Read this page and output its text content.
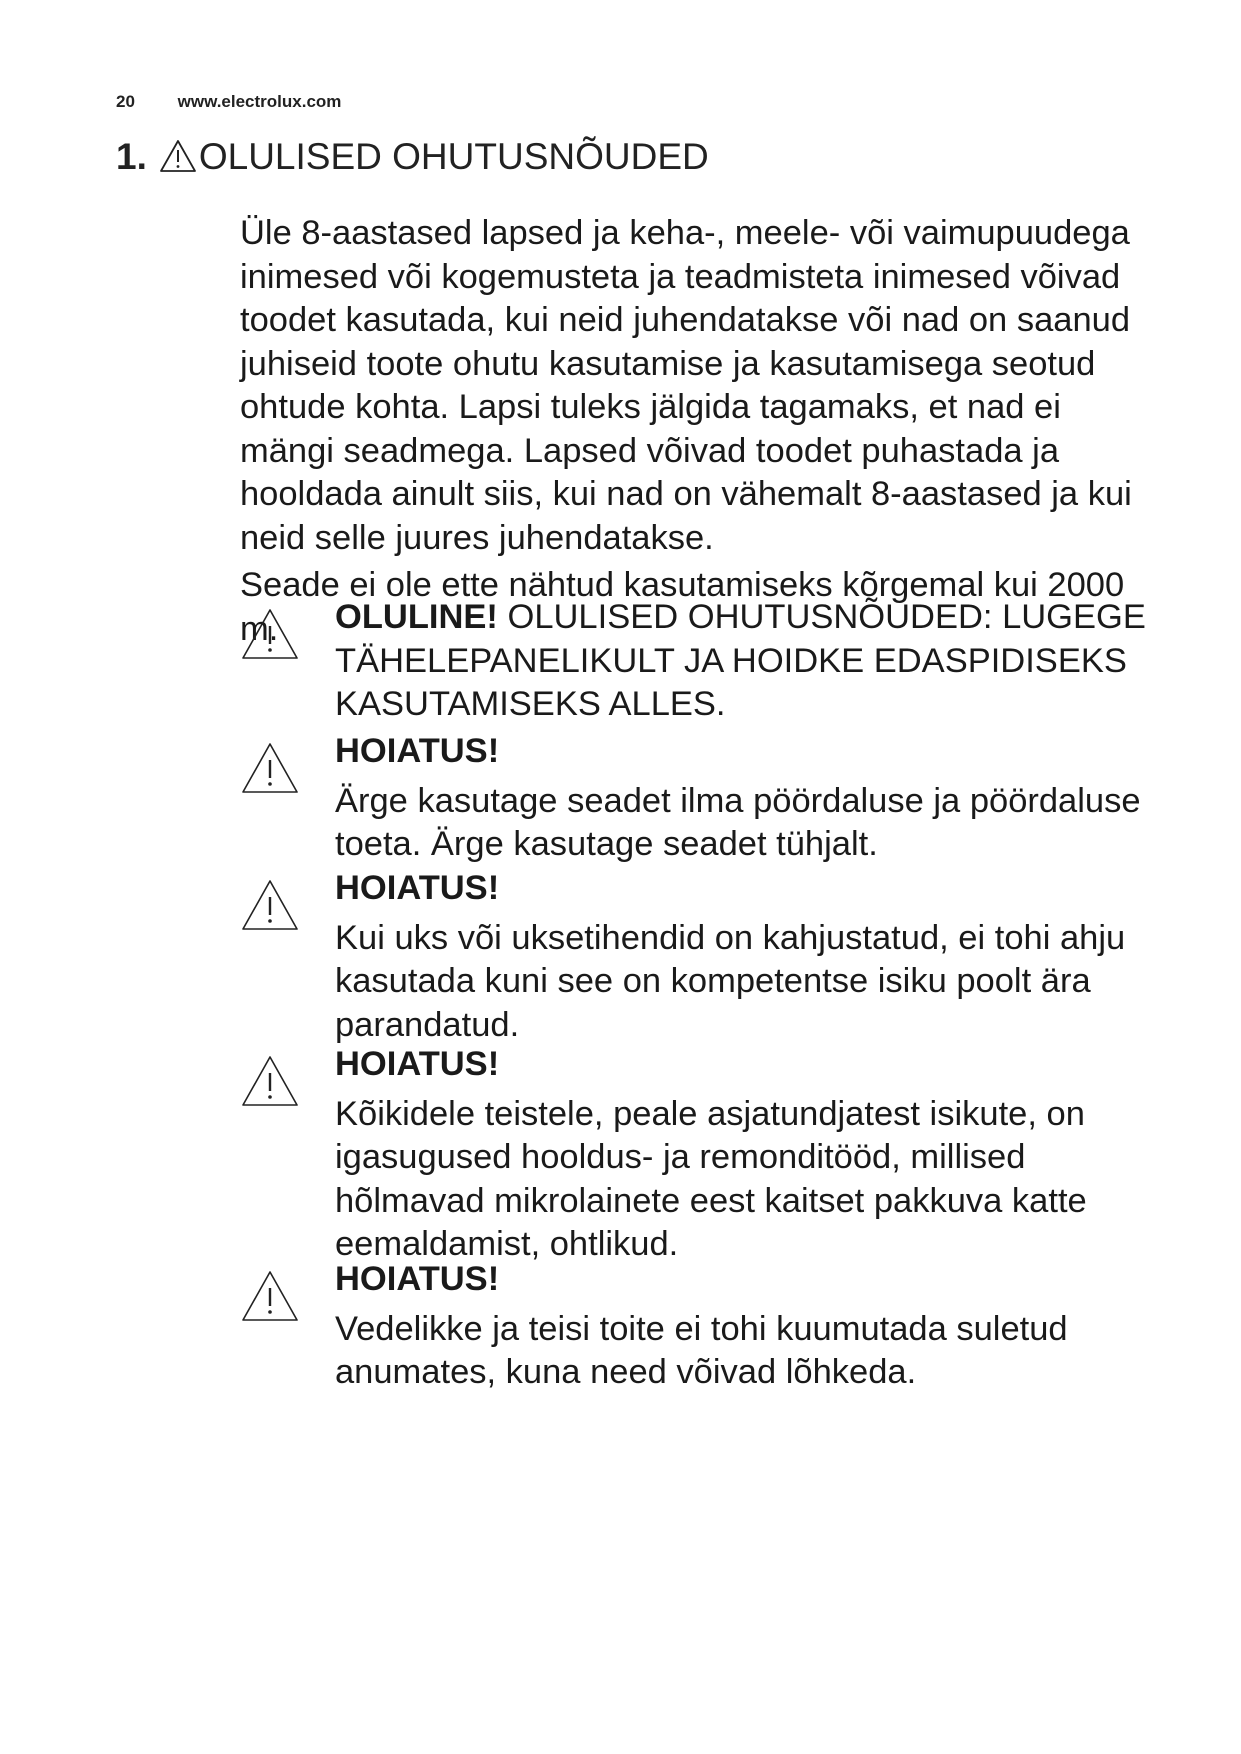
20	www.electrolux.com
1. OLULISED OHUTUSNÕUDED

Üle 8-aastased lapsed ja keha-, meele- või vaimupuudega inimesed või kogemusteta ja teadmisteta inimesed võivad toodet kasutada, kui neid juhendatakse või nad on saanud juhiseid toote ohutu kasutamise ja kasutamisega seotud ohtude kohta. Lapsi tuleks jälgida tagamaks, et nad ei mängi seadmega. Lapsed võivad toodet puhastada ja hooldada ainult siis, kui nad on vähemalt 8-aastased ja kui neid selle juures juhendatakse.

Seade ei ole ette nähtud kasutamiseks kõrgemal kui 2000 m.	OLULINE! OLULISED OHUTUSNÕUDED: LUGEGE TÄHELEPANELIKULT JA HOIDKE EDASPIDISEKS KASUTAMISEKS ALLES.
HOIATUS!
Ärge kasutage seadet ilma pöördaluse ja pöördaluse toeta. Ärge kasutage seadet tühjalt.
HOIATUS!
Kui uks või uksetihendid on kahjustatud, ei tohi ahju kasutada kuni see on kompetentse isiku poolt ära parandatud.
HOIATUS!
Kõikidele teistele, peale asjatundjatest isikute, on igasugused hooldus- ja remonditööd, millised hõlmavad mikrolainete eest kaitset pakkuva katte eemaldamist, ohtlikud.
HOIATUS!
Vedelikke ja teisi toite ei tohi kuumutada suletud anumates, kuna need võivad lõhkeda.
